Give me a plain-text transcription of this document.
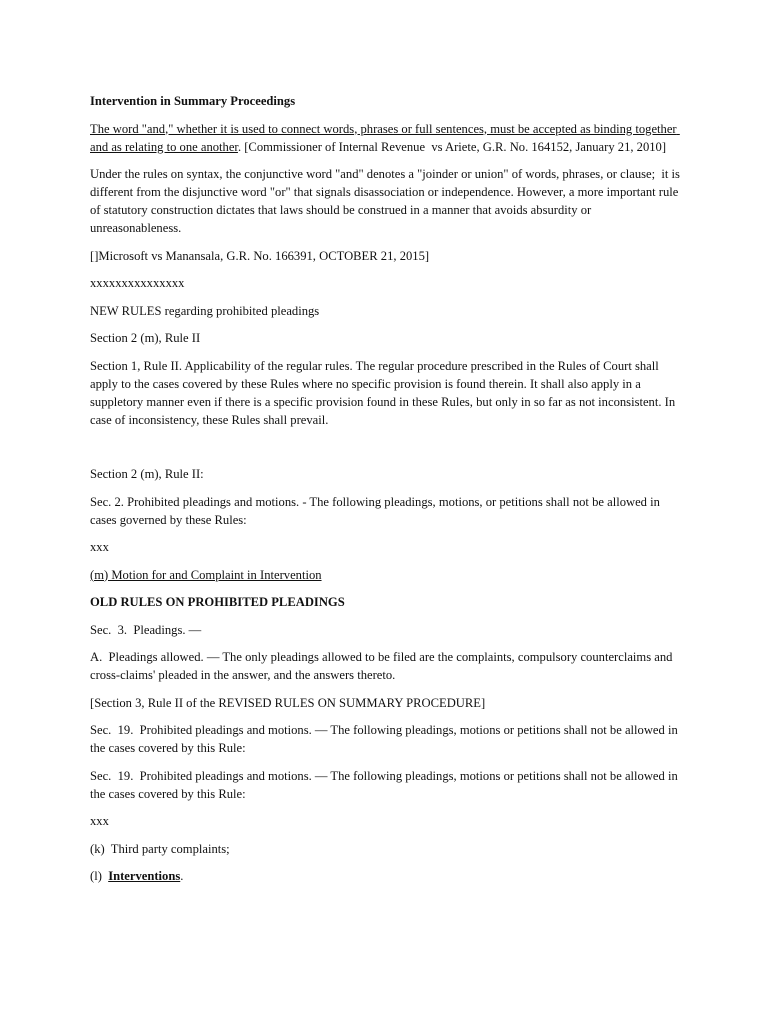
Intervention in Summary Proceedings

The word "and," whether it is used to connect words, phrases or full sentences, must be accepted as binding together and as relating to one another. [Commissioner of Internal Revenue  vs Ariete, G.R. No. 164152, January 21, 2010]

Under the rules on syntax, the conjunctive word "and" denotes a "joinder or union" of words, phrases, or clause;  it is different from the disjunctive word "or" that signals disassociation or independence. However, a more important rule of statutory construction dictates that laws should be construed in a manner that avoids absurdity or unreasonableness.

[]Microsoft vs Manansala, G.R. No. 166391, OCTOBER 21, 2015]

xxxxxxxxxxxxxxx

NEW RULES regarding prohibited pleadings

Section 2 (m), Rule II

Section 1, Rule II. Applicability of the regular rules. The regular procedure prescribed in the Rules of Court shall apply to the cases covered by these Rules where no specific provision is found therein. It shall also apply in a suppletory manner even if there is a specific provision found in these Rules, but only in so far as not inconsistent. In case of inconsistency, these Rules shall prevail.

Section 2 (m), Rule II:

Sec. 2. Prohibited pleadings and motions. - The following pleadings, motions, or petitions shall not be allowed in cases governed by these Rules:

xxx

(m) Motion for and Complaint in Intervention

OLD RULES ON PROHIBITED PLEADINGS

Sec.  3.  Pleadings. —

A.  Pleadings allowed. — The only pleadings allowed to be filed are the complaints, compulsory counterclaims and cross-claims' pleaded in the answer, and the answers thereto.

[Section 3, Rule II of the REVISED RULES ON SUMMARY PROCEDURE]

Sec.  19.  Prohibited pleadings and motions. — The following pleadings, motions or petitions shall not be allowed in the cases covered by this Rule:

Sec.  19.  Prohibited pleadings and motions. — The following pleadings, motions or petitions shall not be allowed in the cases covered by this Rule:

xxx

(k)  Third party complaints;

(l)  Interventions.
